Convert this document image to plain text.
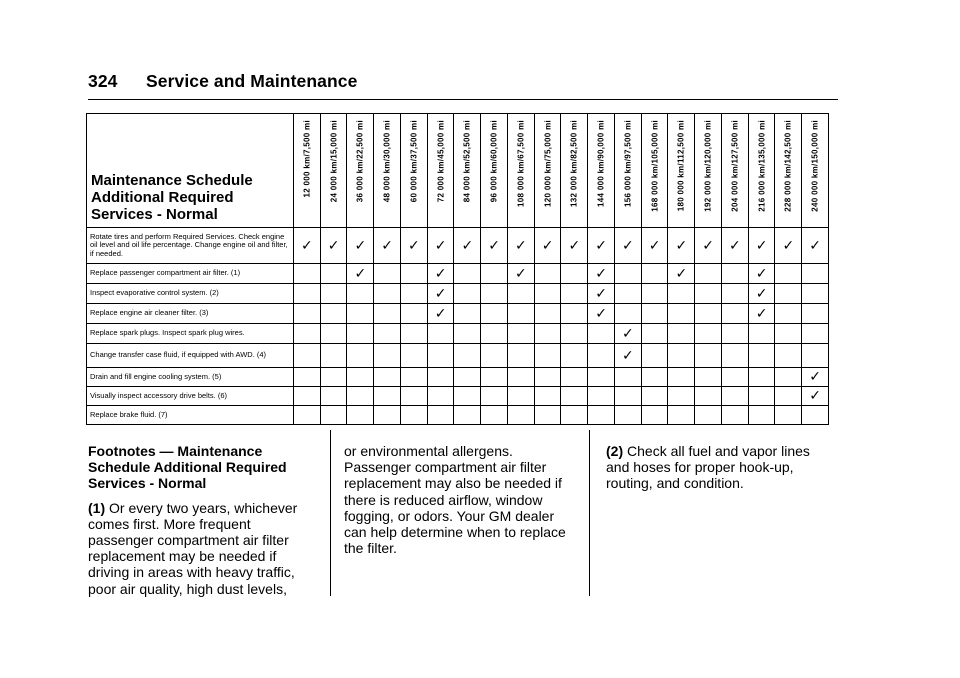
324 Service and Maintenance
Maintenance Schedule
Additional Required
Services - Normal	12 000 km/7,500 mi	24 000 km/15,000 mi	36 000 km/22,500 mi	48 000 km/30,000 mi	60 000 km/37,500 mi	72 000 km/45,000 mi	84 000 km/52,500 mi	96 000 km/60,000 mi	108 000 km/67,500 mi	120 000 km/75,000 mi	132 000 km/82,500 mi	144 000 km/90,000 mi	156 000 km/97,500 mi	168 000 km/105,000 mi	180 000 km/112,500 mi	192 000 km/120,000 mi	204 000 km/127,500 mi	216 000 km/135,000 mi	228 000 km/142,500 mi	240 000 km/150,000 mi

Rotate tires and perform Required Services. Check engine oil level and oil life percentage. Change engine oil and filter, if needed.	✓	✓	✓	✓	✓	✓	✓	✓	✓	✓	✓	✓	✓	✓	✓	✓	✓	✓	✓	✓
Replace passenger compartment air filter. (1)			✓			✓			✓			✓			✓			✓		
Inspect evaporative control system. (2)						✓						✓						✓		
Replace engine air cleaner filter. (3)						✓						✓						✓		
Replace spark plugs. Inspect spark plug wires.													✓							
Change transfer case fluid, if equipped with AWD. (4)													✓							
Drain and fill engine cooling system. (5)																				✓
Visually inspect accessory drive belts. (6)																				✓
Replace brake fluid. (7)																				

Footnotes — Maintenance Schedule Additional Required Services - Normal

(1) Or every two years, whichever comes first. More frequent passenger compartment air filter replacement may be needed if driving in areas with heavy traffic, poor air quality, high dust levels,

or environmental allergens. Passenger compartment air filter replacement may also be needed if there is reduced airflow, window fogging, or odors. Your GM dealer can help determine when to replace the filter.

(2) Check all fuel and vapor lines and hoses for proper hook-up, routing, and condition.
